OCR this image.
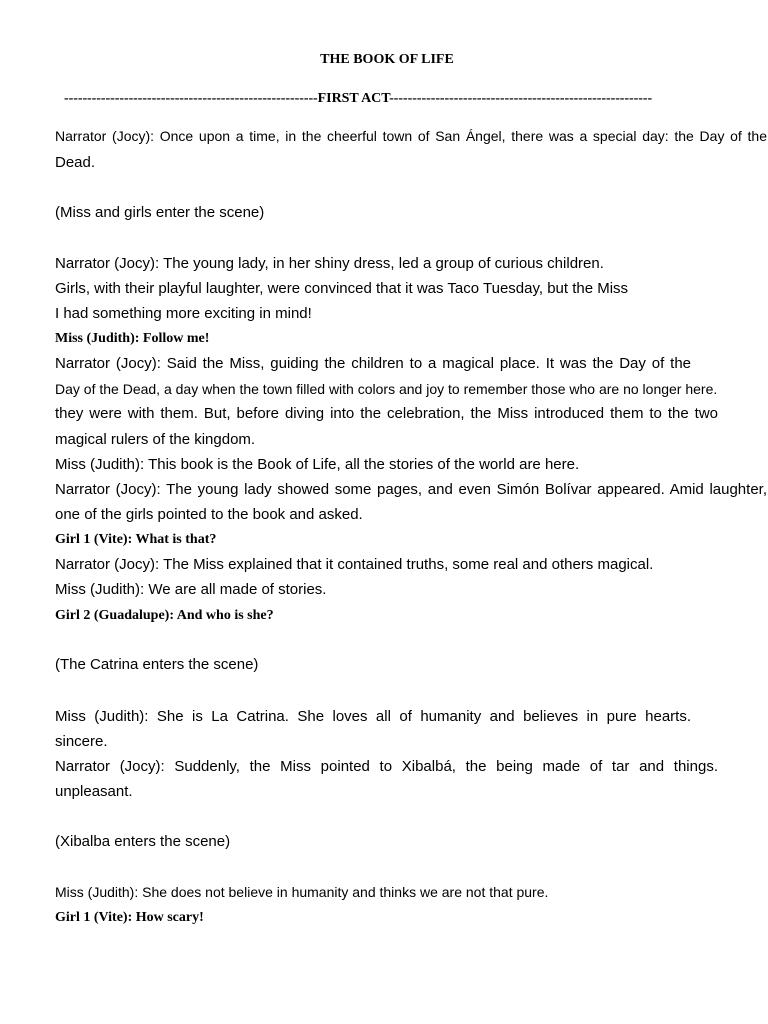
THE BOOK OF LIFE
-------------------------------------------------------FIRST ACT---------------------------------------------------------
Narrator (Jocy): Once upon a time, in the cheerful town of San Ángel, there was a special day: the Day of the
Dead.
(Miss and girls enter the scene)
Narrator (Jocy): The young lady, in her shiny dress, led a group of curious children.
Girls, with their playful laughter, were convinced that it was Taco Tuesday, but the Miss
I had something more exciting in mind!
Miss (Judith): Follow me!
Narrator (Jocy): Said the Miss, guiding the children to a magical place. It was the Day of the
Day of the Dead, a day when the town filled with colors and joy to remember those who are no longer here.
they were with them. But, before diving into the celebration, the Miss introduced them to the two
magical rulers of the kingdom.
Miss (Judith): This book is the Book of Life, all the stories of the world are here.
Narrator (Jocy): The young lady showed some pages, and even Simón Bolívar appeared. Amid laughter,
one of the girls pointed to the book and asked.
Girl 1 (Vite): What is that?
Narrator (Jocy): The Miss explained that it contained truths, some real and others magical.
Miss (Judith): We are all made of stories.
Girl 2 (Guadalupe): And who is she?
(The Catrina enters the scene)
Miss (Judith): She is La Catrina. She loves all of humanity and believes in pure hearts.
sincere.
Narrator (Jocy): Suddenly, the Miss pointed to Xibalbá, the being made of tar and things.
unpleasant.
(Xibalba enters the scene)
Miss (Judith): She does not believe in humanity and thinks we are not that pure.
Girl 1 (Vite): How scary!
